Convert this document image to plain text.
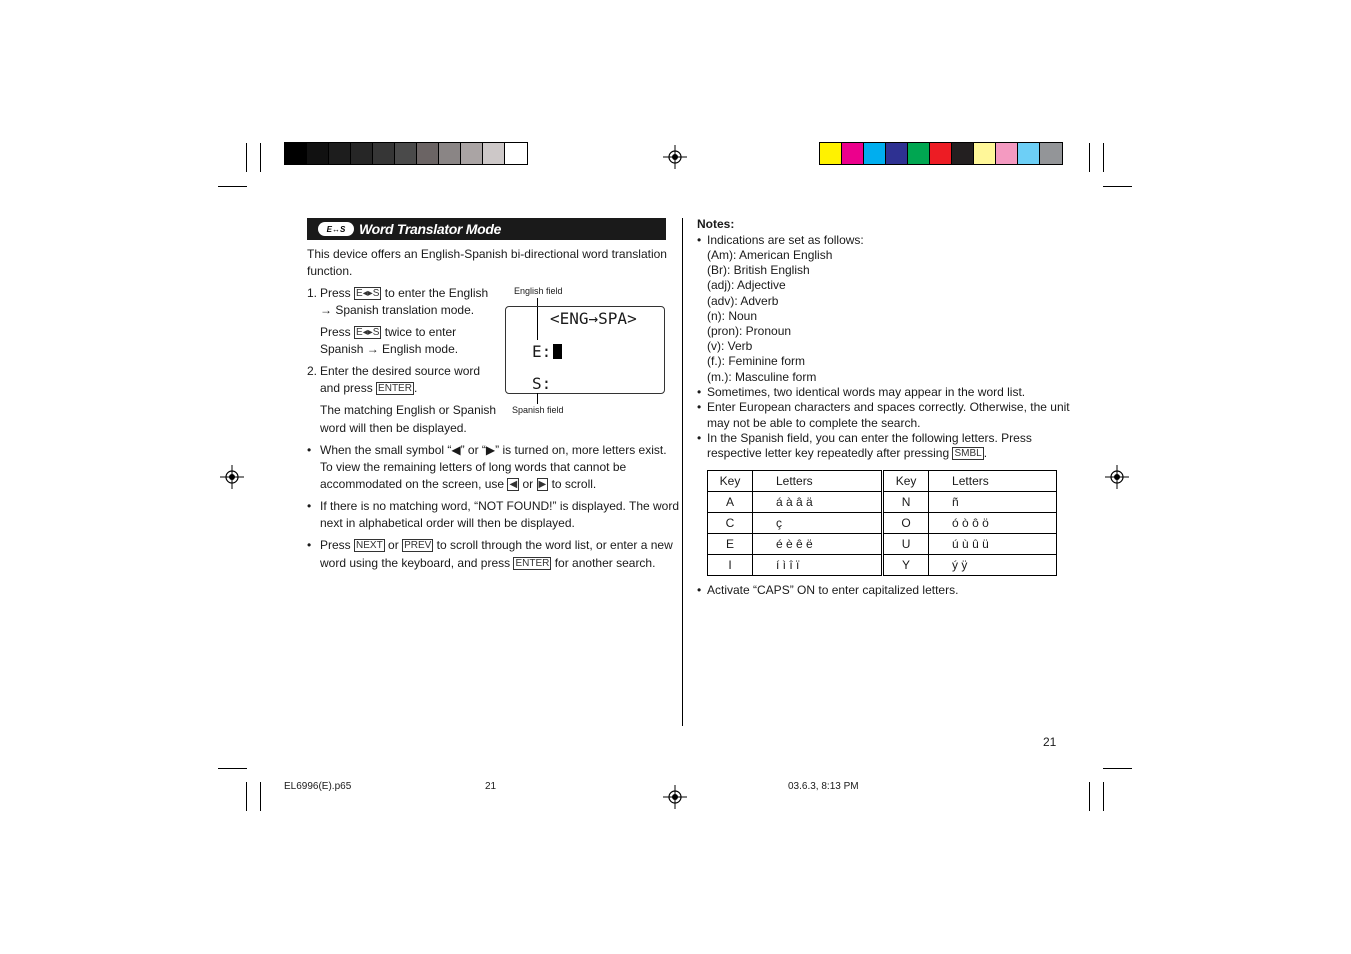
E↔S Word Translator Mode
This device offers an English-Spanish bi-directional word translation function.
1. Press E◂▸S to enter the English
→ Spanish translation mode.
Press E◂▸S twice to enter
Spanish → English mode.
2. Enter the desired source word
and press ENTER .
The matching English or Spanish
word will then be displayed.
English field
<ENG→SPA>
E:
S:
Spanish field
• When the small symbol “◀” or “▶” is turned on, more letters exist.
To view the remaining letters of long words that cannot be
accommodated on the screen, use ◀ or ▶ to scroll.
• If there is no matching word, “NOT FOUND!” is displayed. The word
next in alphabetical order will then be displayed.
• Press NEXT or PREV to scroll through the word list, or enter a new
word using the keyboard, and press ENTER for another search.
Notes:
• Indications are set as follows:
(Am): American English
(Br): British English
(adj): Adjective
(adv): Adverb
(n): Noun
(pron): Pronoun
(v): Verb
(f.): Feminine form
(m.): Masculine form
• Sometimes, two identical words may appear in the word list.
• Enter European characters and spaces correctly. Otherwise, the unit
may not be able to complete the search.
• In the Spanish field, you can enter the following letters. Press
respective letter key repeatedly after pressing SMBL .
Key	Letters	Key	Letters
A	á à â ä	N	ñ
C	ç	O	ó ò ô ö
E	é è ê ë	U	ú ù û ü
I	í ì î ï	Y	ý ÿ
• Activate “CAPS” ON to enter capitalized letters.
21
EL6996(E).p65	21	03.6.3, 8:13 PM
